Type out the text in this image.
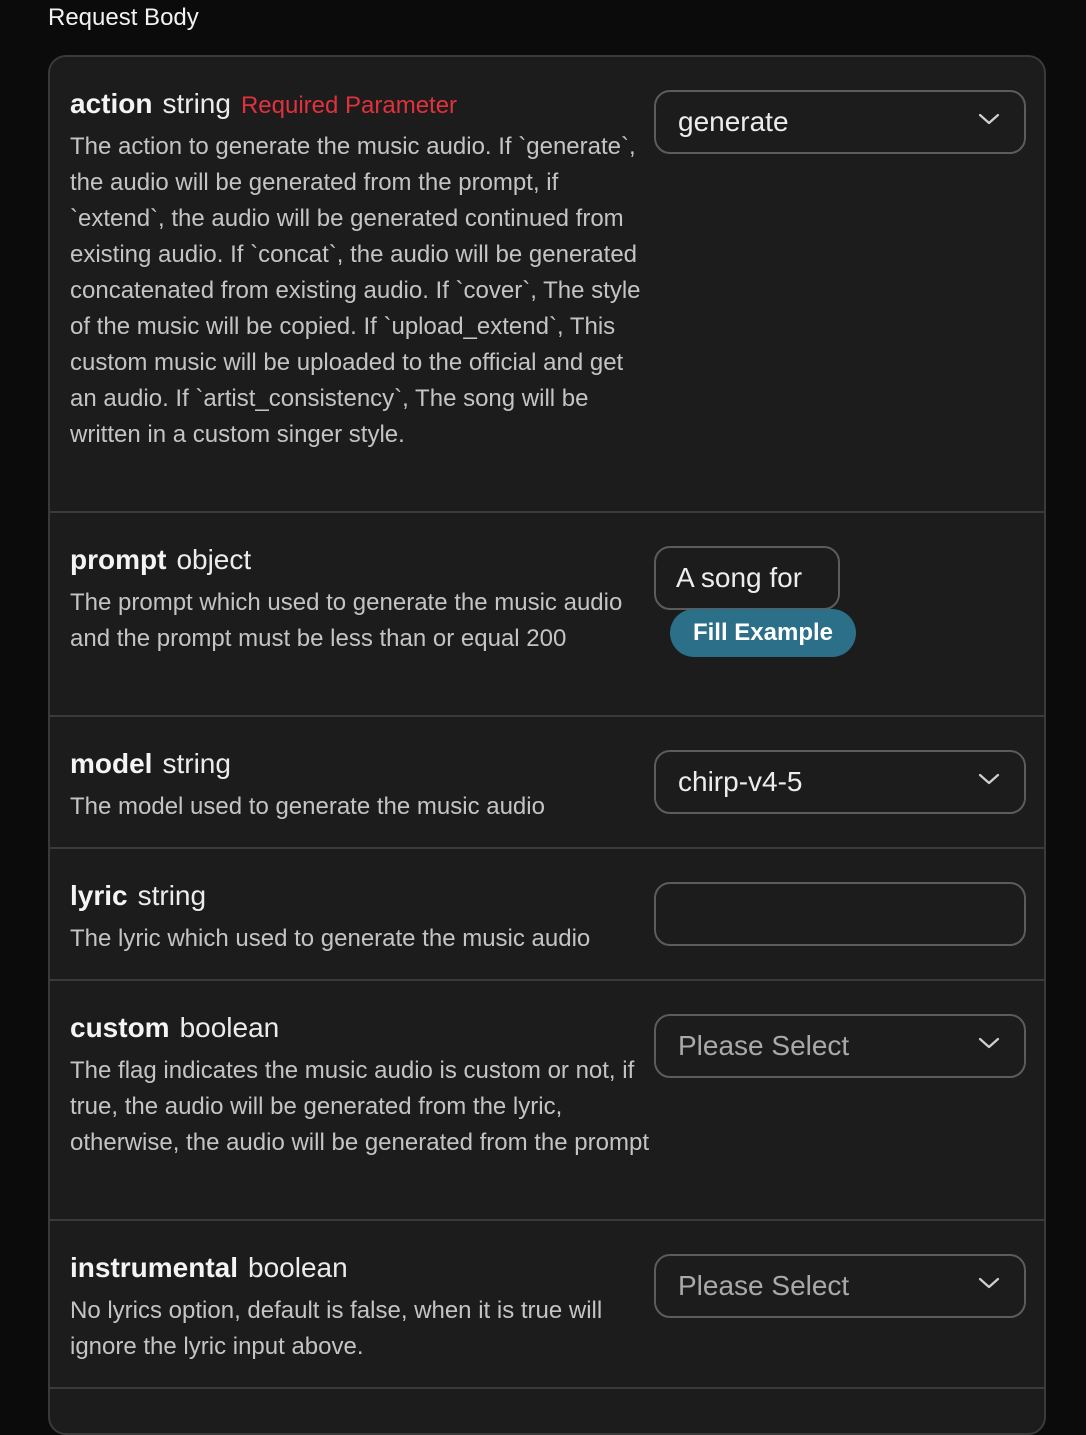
Request Body
action string Required Parameter
The action to generate the music audio. If `generate`, the audio will be generated from the prompt, if `extend`, the audio will be generated continued from existing audio. If `concat`, the audio will be generated concatenated from existing audio. If `cover`, The style of the music will be copied. If `upload_extend`, This custom music will be uploaded to the official and get an audio. If `artist_consistency`, The song will be written in a custom singer style.
generate
prompt object
The prompt which used to generate the music audio and the prompt must be less than or equal 200
A song for
Fill Example
model string
The model used to generate the music audio
chirp-v4-5
lyric string
The lyric which used to generate the music audio
custom boolean
The flag indicates the music audio is custom or not, if true, the audio will be generated from the lyric, otherwise, the audio will be generated from the prompt
Please Select
instrumental boolean
No lyrics option, default is false, when it is true will ignore the lyric input above.
Please Select
